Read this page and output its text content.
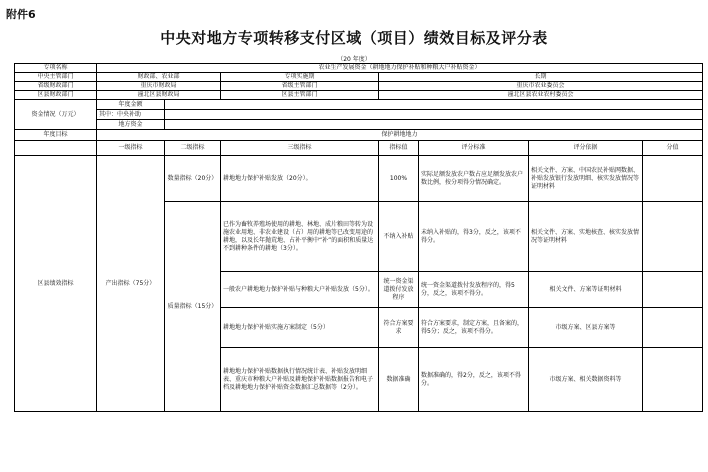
附件6
中央对地方专项转移支付区域（项目）绩效目标及评分表
（20 年度）
专项名称	农业生产发展资金（耕地地力保护补贴和种粮大户补贴资金）						
中央主管部门	财政部、农业部		专项实施期	长期			
省级财政部门	重庆市财政局		省级主管部门	重庆市农业委员会			
区县财政部门	潼北区县财政局		区县主管部门	潼北区县农业农村委员会			
资金情况（万元）	年度金额						
	其中：中央补助						
	地方资金						
年度目标	保护耕地地力						
	一级指标	二级指标	三级指标	指标值	评分标准	评分依据	分值
区县绩效指标	产出指标（75分）	数量指标（20分）	耕地地力保护补贴发放（20分）。	100%	实际足额发放农户数占应足额发放农户数比例，按分项得分情况确定。	相关文件、方案、中国农民补贴网数据、补贴发放银行发放明细、核实发放情况等证明材料	
		质量指标（15分）	已作为畜牧养殖场使用的耕地、林地、成片粮田等转为设施农业用地、非农业建设（占）用的耕地等已改变用途的耕地，以及长年抛荒地、占补平衡中“补”的面积和质量达不到耕种条件的耕地（3分）。	不纳入补贴	未纳入补贴的，得3分，反之，该项不得分。	相关文件、方案、实地核查、核实发放情况等证明材料	
			一般农户耕地地力保护补贴与种粮大户补贴发放（5分）。	统一资金渠道拨付发放程序	统一资金渠道拨付发放程序的，得5分，反之，该项不得分。	相关文件、方案等证明材料	
			耕地地力保护补贴实施方案制定（5分）	符合方案要求	符合方案要求，制定方案，且备案的，得5分；反之，该项不得分。	市级方案、区县方案等	
			耕地地力保护补贴数据执行情况统计表、补贴发放明细表、重庆市种粮大户补贴及耕地保护补贴数据报告和电子档及耕地地力保护补贴资金数据汇总数据等（2分）。	数据准确	数据准确的，得2分，反之，该项不得分。	市级方案、相关数据资料等	
